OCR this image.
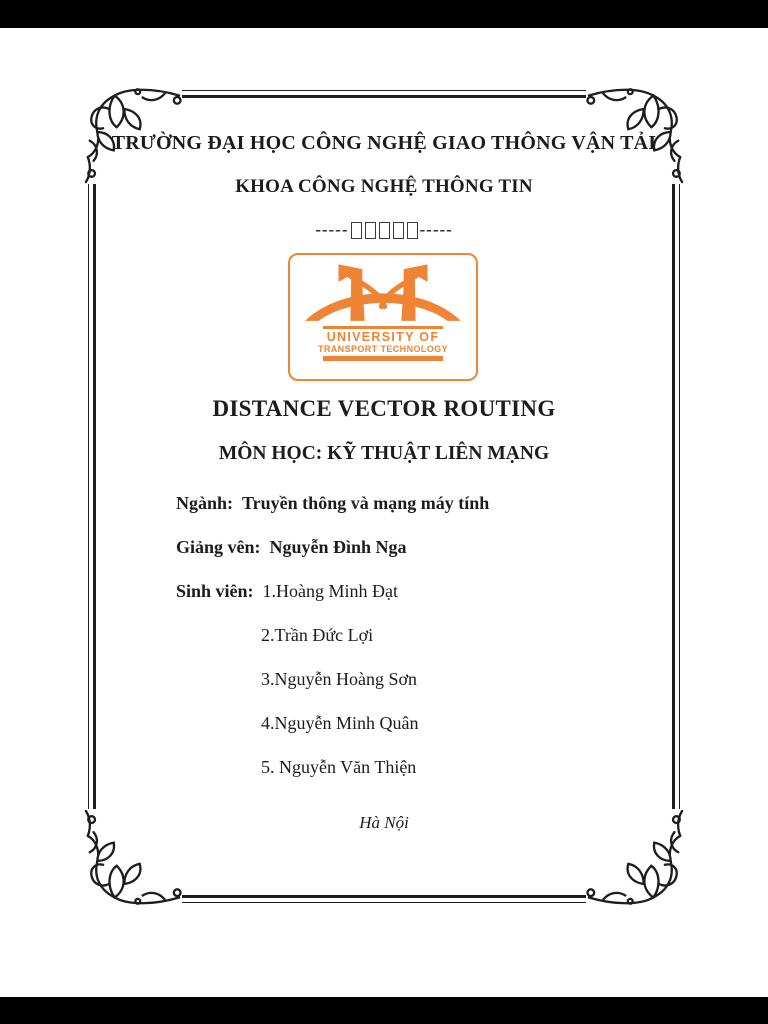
TRƯỜNG ĐẠI HỌC CÔNG NGHỆ GIAO THÔNG VẬN TẢI
KHOA CÔNG NGHỆ THÔNG TIN
-----	-----
UNIVERSITY OF
TRANSPORT TECHNOLOGY
DISTANCE VECTOR ROUTING
MÔN HỌC: KỸ THUẬT LIÊN MẠNG
Ngành: Truyền thông và mạng máy tính
Giảng vên: Nguyễn Đình Nga
Sinh viên: 1.Hoàng Minh Đạt
2.Trần Đức Lợi
3.Nguyễn Hoàng Sơn
4.Nguyễn Minh Quân
5. Nguyễn Văn Thiện
Hà Nội
